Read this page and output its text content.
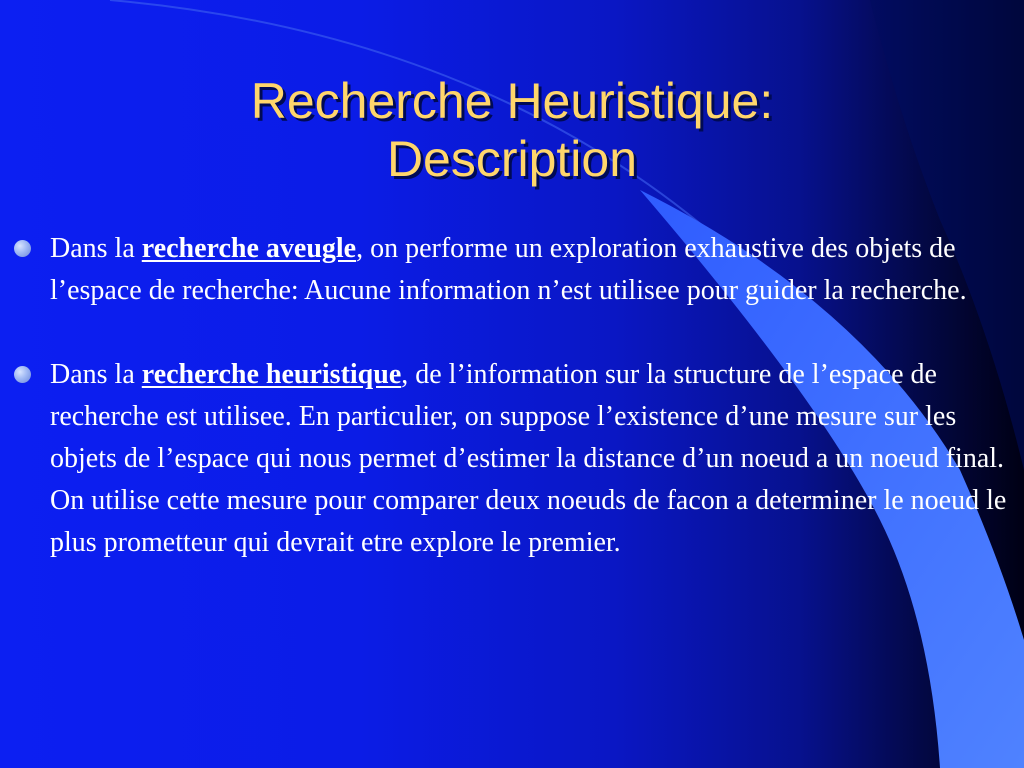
Recherche Heuristique:
Description
Dans la recherche aveugle, on performe un exploration exhaustive des objets de l’espace de recherche: Aucune information n’est utilisee pour guider la recherche.
Dans la recherche heuristique, de l’information sur la structure de l’espace de recherche est utilisee. En particulier, on suppose l’existence d’une mesure sur les objets de l’espace qui nous permet d’estimer la distance d’un noeud a un noeud final. On utilise cette mesure pour comparer deux noeuds de facon a determiner le noeud le plus prometteur qui devrait etre explore le premier.
